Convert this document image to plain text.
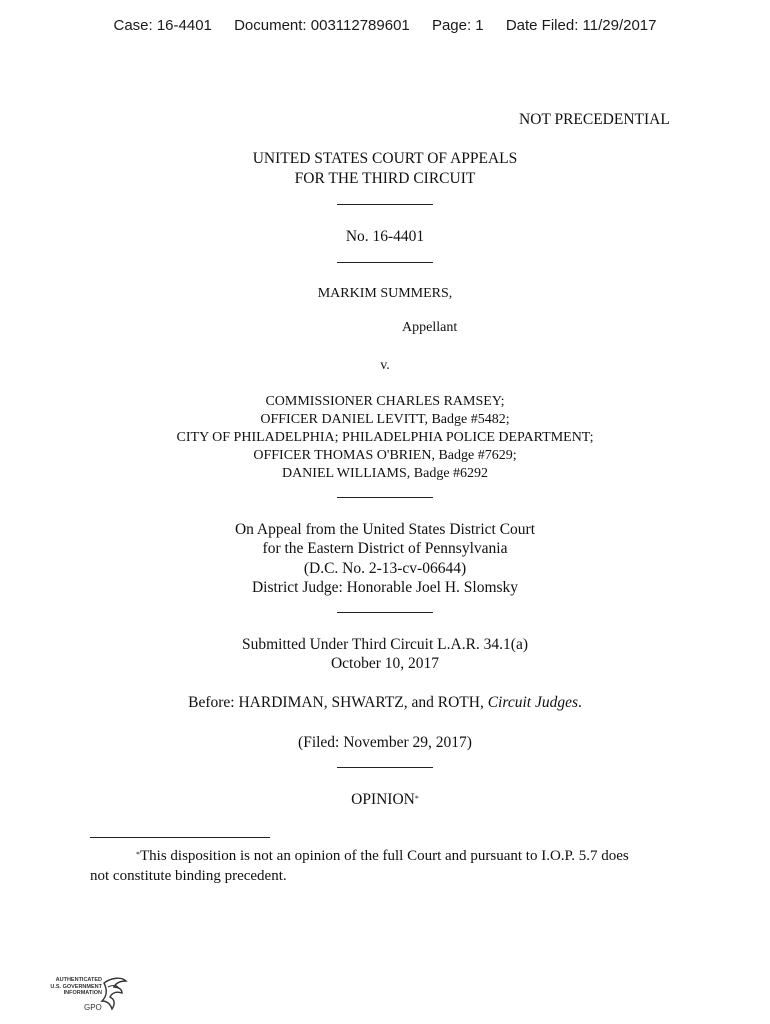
Case: 16-4401 Document: 003112789601 Page: 1 Date Filed: 11/29/2017
NOT PRECEDENTIAL
UNITED STATES COURT OF APPEALS
FOR THE THIRD CIRCUIT
No. 16-4401
MARKIM SUMMERS,
Appellant
v.
COMMISSIONER CHARLES RAMSEY;
OFFICER DANIEL LEVITT, Badge #5482;
CITY OF PHILADELPHIA; PHILADELPHIA POLICE DEPARTMENT;
OFFICER THOMAS O'BRIEN, Badge #7629;
DANIEL WILLIAMS, Badge #6292
On Appeal from the United States District Court
for the Eastern District of Pennsylvania
(D.C. No. 2-13-cv-06644)
District Judge: Honorable Joel H. Slomsky
Submitted Under Third Circuit L.A.R. 34.1(a)
October 10, 2017
Before: HARDIMAN, SHWARTZ, and ROTH, Circuit Judges.
(Filed: November 29, 2017)
OPINION*
*This disposition is not an opinion of the full Court and pursuant to I.O.P. 5.7 does
not constitute binding precedent.
AUTHENTICATED
U.S. GOVERNMENT
INFORMATION
GPO
